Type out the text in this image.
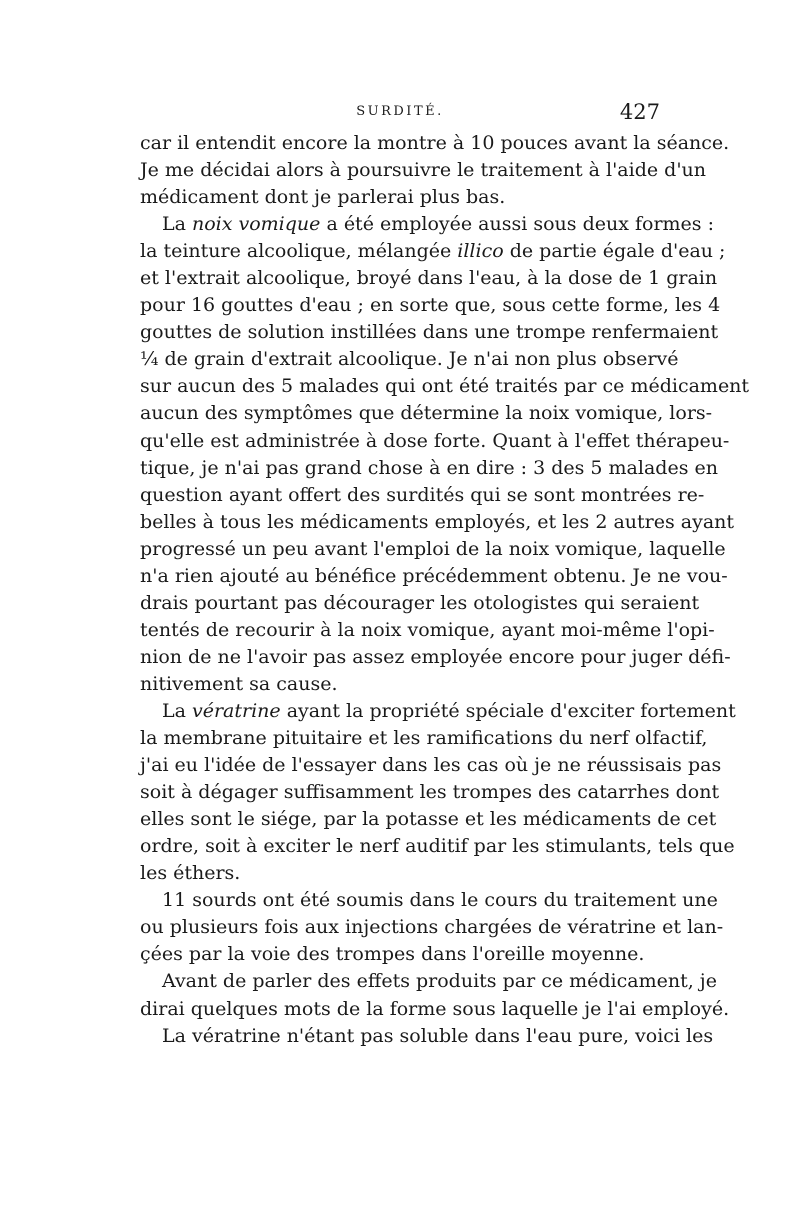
SURDITÉ.	427
car il entendit encore la montre à 10 pouces avant la séance.
Je me décidai alors à poursuivre le traitement à l'aide d'un
médicament dont je parlerai plus bas.
La noix vomique a été employée aussi sous deux formes :
la teinture alcoolique, mélangée illico de partie égale d'eau ;
et l'extrait alcoolique, broyé dans l'eau, à la dose de 1 grain
pour 16 gouttes d'eau ; en sorte que, sous cette forme, les 4
gouttes de solution instillées dans une trompe renfermaient
¼ de grain d'extrait alcoolique. Je n'ai non plus observé
sur aucun des 5 malades qui ont été traités par ce médicament
aucun des symptômes que détermine la noix vomique, lors-
qu'elle est administrée à dose forte. Quant à l'effet thérapeu-
tique, je n'ai pas grand chose à en dire : 3 des 5 malades en
question ayant offert des surdités qui se sont montrées re-
belles à tous les médicaments employés, et les 2 autres ayant
progressé un peu avant l'emploi de la noix vomique, laquelle
n'a rien ajouté au bénéfice précédemment obtenu. Je ne vou-
drais pourtant pas décourager les otologistes qui seraient
tentés de recourir à la noix vomique, ayant moi-même l'opi-
nion de ne l'avoir pas assez employée encore pour juger défi-
nitivement sa cause.
La vératrine ayant la propriété spéciale d'exciter fortement
la membrane pituitaire et les ramifications du nerf olfactif,
j'ai eu l'idée de l'essayer dans les cas où je ne réussisais pas
soit à dégager suffisamment les trompes des catarrhes dont
elles sont le siége, par la potasse et les médicaments de cet
ordre, soit à exciter le nerf auditif par les stimulants, tels que
les éthers.
11 sourds ont été soumis dans le cours du traitement une
ou plusieurs fois aux injections chargées de vératrine et lan-
çées par la voie des trompes dans l'oreille moyenne.
Avant de parler des effets produits par ce médicament, je
dirai quelques mots de la forme sous laquelle je l'ai employé.
La vératrine n'étant pas soluble dans l'eau pure, voici les
